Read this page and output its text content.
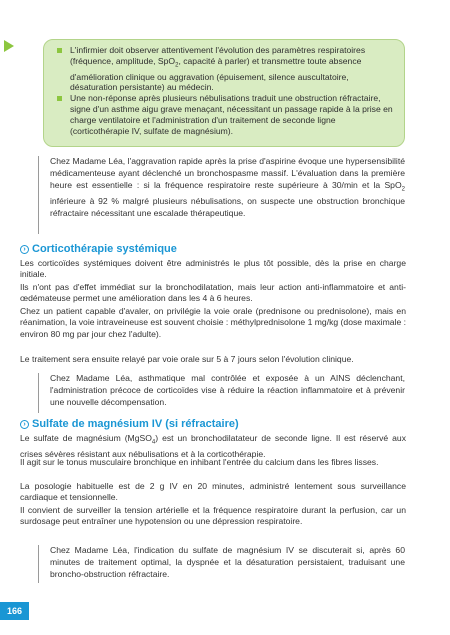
L'infirmier doit observer attentivement l'évolution des paramètres respiratoires (fréquence, amplitude, SpO$_2$, capacité à parler) et transmettre toute absence d'amélioration clinique ou aggravation (épuisement, silence auscultatoire, désaturation persistante) au médecin.
Une non-réponse après plusieurs nébulisations traduit une obstruction réfractaire, signe d'un asthme aigu grave menaçant, nécessitant un passage rapide à la prise en charge ventilatoire et l'administration d'un traitement de seconde ligne (corticothérapie IV, sulfate de magnésium).
Chez Madame Léa, l'aggravation rapide après la prise d'aspirine évoque une hypersensibilité médicamenteuse ayant déclenché un bronchospasme massif. L'évaluation dans la première heure est essentielle : si la fréquence respiratoire reste supérieure à 30/min et la SpO$_2$ inférieure à 92 % malgré plusieurs nébulisations, on suspecte une obstruction bronchique réfractaire nécessitant une escalade thérapeutique.
› Corticothérapie systémique
Les corticoïdes systémiques doivent être administrés le plus tôt possible, dès la prise en charge initiale.
Ils n'ont pas d'effet immédiat sur la bronchodilatation, mais leur action anti-inflammatoire et anti-œdémateuse permet une amélioration dans les 4 à 6 heures.
Chez un patient capable d'avaler, on privilégie la voie orale (prednisone ou prednisolone), mais en réanimation, la voie intraveineuse est souvent choisie : méthylprednisolone 1 mg/kg (dose maximale : environ 80 mg par jour chez l'adulte).
Le traitement sera ensuite relayé par voie orale sur 5 à 7 jours selon l'évolution clinique.
Chez Madame Léa, asthmatique mal contrôlée et exposée à un AINS déclenchant, l'administration précoce de corticoïdes vise à réduire la réaction inflammatoire et à prévenir une nouvelle décompensation.
› Sulfate de magnésium IV (si réfractaire)
Le sulfate de magnésium (MgSO$_4$) est un bronchodilatateur de seconde ligne. Il est réservé aux crises sévères résistant aux nébulisations et à la corticothérapie.
Il agit sur le tonus musculaire bronchique en inhibant l'entrée du calcium dans les fibres lisses.
La posologie habituelle est de 2 g IV en 20 minutes, administré lentement sous surveillance cardiaque et tensionnelle.
Il convient de surveiller la tension artérielle et la fréquence respiratoire durant la perfusion, car un surdosage peut entraîner une hypotension ou une dépression respiratoire.
Chez Madame Léa, l'indication du sulfate de magnésium IV se discuterait si, après 60 minutes de traitement optimal, la dyspnée et la désaturation persistaient, traduisant une broncho-obstruction réfractaire.
166
